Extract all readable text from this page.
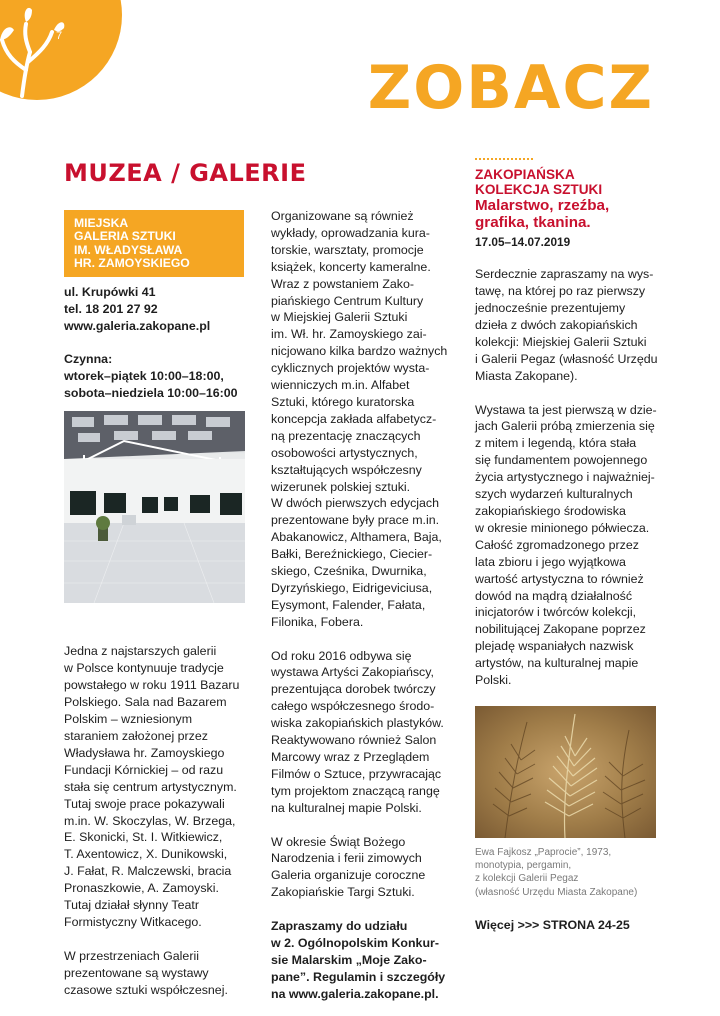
7
ZOBACZ
MUZEA / GALERIE
MIEJSKA
GALERIA SZTUKI
IM. WŁADYSŁAWA
HR. ZAMOYSKIEGO

ul. Krupówki 41
tel. 18 201 27 92
www.galeria.zakopane.pl

Czynna:
wtorek–piątek 10:00–18:00,
sobota–niedziela 10:00–16:00

Jedna z najstarszych galerii
w Polsce kontynuuje tradycje
powstałego w roku 1911 Bazaru
Polskiego. Sala nad Bazarem
Polskim – wzniesionym
staraniem założonej przez
Władysława hr. Zamoyskiego
Fundacji Kórnickiej – od razu
stała się centrum artystycznym.
Tutaj swoje prace pokazywali
m.in. W. Skoczylas, W. Brzega,
E. Skonicki, St. I. Witkiewicz,
T. Axentowicz, X. Dunikowski,
J. Fałat, R. Malczewski, bracia
Pronaszkowie, A. Zamoyski.
Tutaj działał słynny Teatr
Formistyczny Witkacego.

W przestrzeniach Galerii
prezentowane są wystawy
czasowe sztuki współczesnej.

Organizowane są również
wykłady, oprowadzania kura-
torskie, warsztaty, promocje
książek, koncerty kameralne.
Wraz z powstaniem Zako-
piańskiego Centrum Kultury
w Miejskiej Galerii Sztuki
im. Wł. hr. Zamoyskiego zai-
nicjowano kilka bardzo ważnych
cyklicznych projektów wysta-
wienniczych m.in. Alfabet
Sztuki, którego kuratorska
koncepcja zakłada alfabetycz-
ną prezentację znaczących
osobowości artystycznych,
kształtujących współczesny
wizerunek polskiej sztuki.
W dwóch pierwszych edycjach
prezentowane były prace m.in.
Abakanowicz, Althamera, Baja,
Bałki, Bereźnickiego, Ciecier-
skiego, Cześnika, Dwurnika,
Dyrzyńskiego, Eidrigeviciusa,
Eysymont, Falender, Fałata,
Filonika, Fobera.

Od roku 2016 odbywa się
wystawa Artyści Zakopiańscy,
prezentująca dorobek twórczy
całego współczesnego środo-
wiska zakopiańskich plastyków.
Reaktywowano również Salon
Marcowy wraz z Przeglądem
Filmów o Sztuce, przywracając
tym projektom znaczącą rangę
na kulturalnej mapie Polski.

W okresie Świąt Bożego
Narodzenia i ferii zimowych
Galeria organizuje coroczne
Zakopiańskie Targi Sztuki.

Zapraszamy do udziału
w 2. Ogólnopolskim Konkur-
sie Malarskim „Moje Zako-
pane”. Regulamin i szczegóły
na www.galeria.zakopane.pl.

ZAKOPIAŃSKA
KOLEKCJA SZTUKI
Malarstwo, rzeźba,
grafika, tkanina.

17.05–14.07.2019

Serdecznie zapraszamy na wys-
tawę, na której po raz pierwszy
jednocześnie prezentujemy
dzieła z dwóch zakopiańskich
kolekcji: Miejskiej Galerii Sztuki
i Galerii Pegaz (własność Urzędu
Miasta Zakopane).

Wystawa ta jest pierwszą w dzie-
jach Galerii próbą zmierzenia się
z mitem i legendą, która stała
się fundamentem powojennego
życia artystycznego i najważniej-
szych wydarzeń kulturalnych
zakopiańskiego środowiska
w okresie minionego półwiecza.
Całość zgromadzonego przez
lata zbioru i jego wyjątkowa
wartość artystyczna to również
dowód na mądrą działalność
inicjatorów i twórców kolekcji,
nobilitującej Zakopane poprzez
plejadę wspaniałych nazwisk
artystów, na kulturalnej mapie
Polski.

Ewa Fajkosz „Paprocie”, 1973,
monotypia, pergamin,
z kolekcji Galerii Pegaz
(własność Urzędu Miasta Zakopane)

Więcej >>> STRONA 24-25
